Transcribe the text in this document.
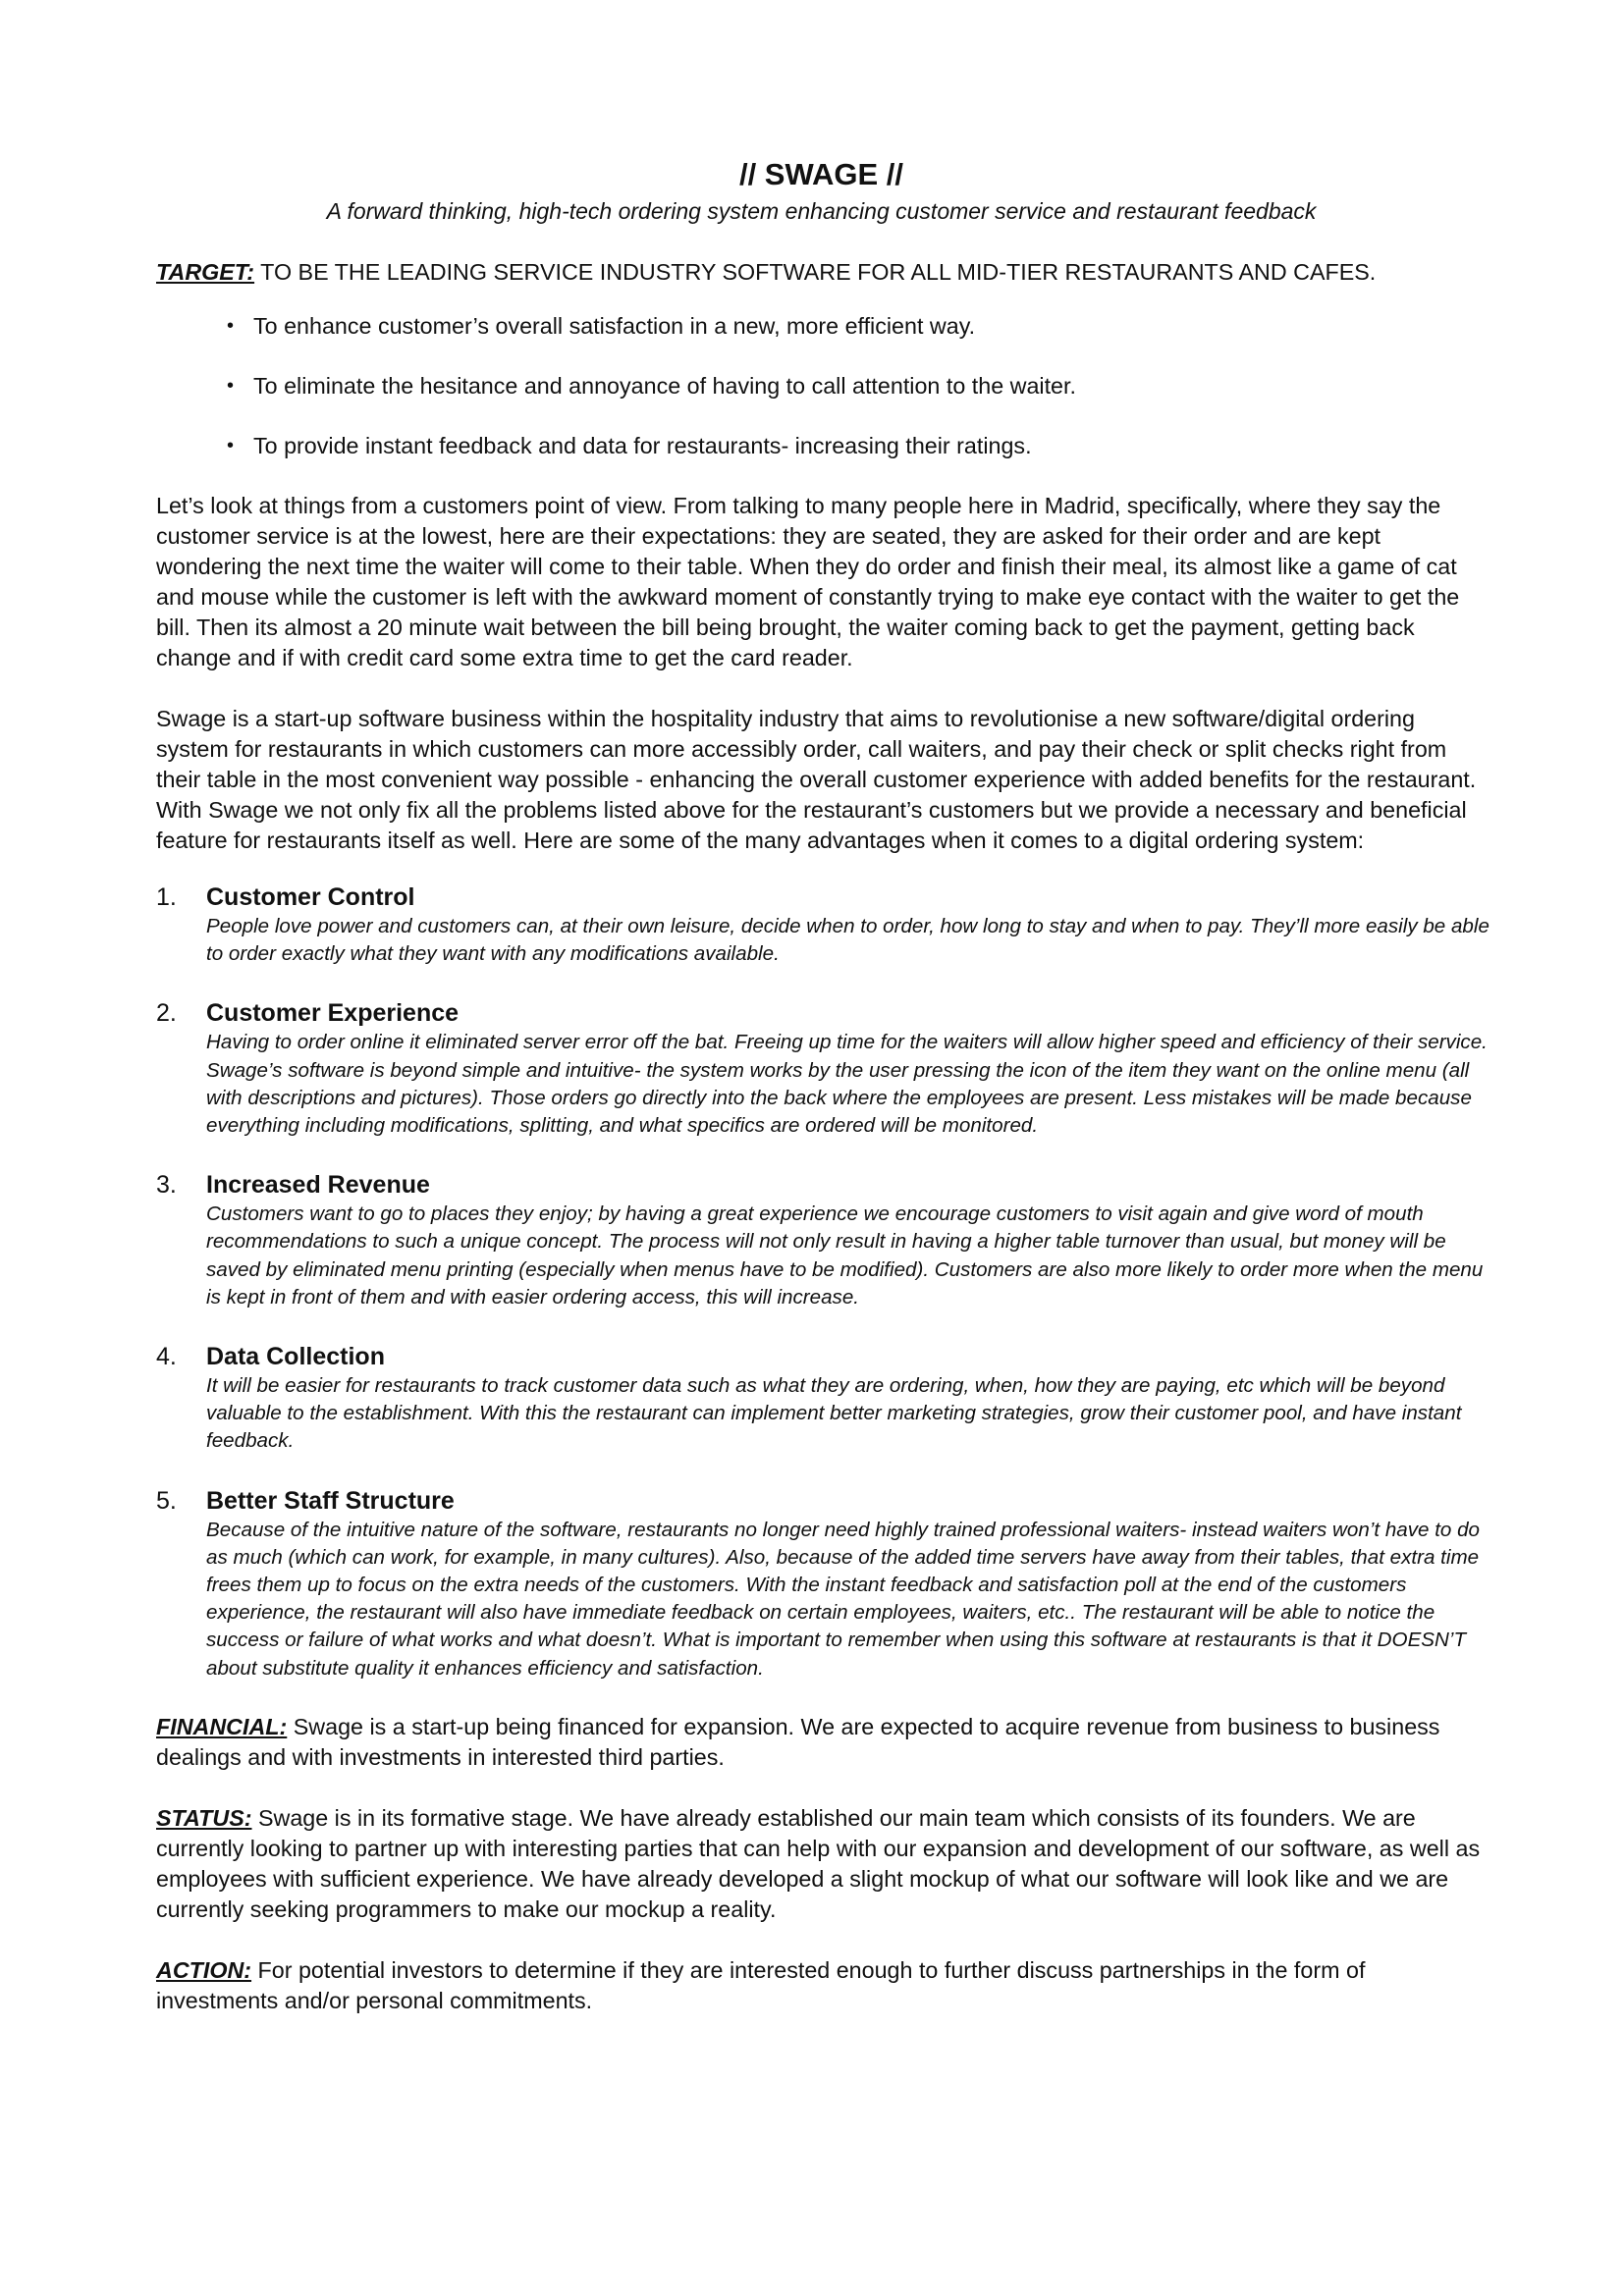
// SWAGE //

A forward thinking, high-tech ordering system enhancing customer service and restaurant feedback

TARGET: TO BE THE LEADING SERVICE INDUSTRY SOFTWARE FOR ALL MID-TIER RESTAURANTS AND CAFES.

• To enhance customer’s overall satisfaction in a new, more efficient way.
• To eliminate the hesitance and annoyance of having to call attention to the waiter.
• To provide instant feedback and data for restaurants- increasing their ratings.

Let’s look at things from a customers point of view. From talking to many people here in Madrid, specifically, where they say the customer service is at the lowest, here are their expectations: they are seated, they are asked for their order and are kept wondering the next time the waiter will come to their table. When they do order and finish their meal, its almost like a game of cat and mouse while the customer is left with the awkward moment of constantly trying to make eye contact with the waiter to get the bill. Then its almost a 20 minute wait between the bill being brought, the waiter coming back to get the payment, getting back change and if with credit card some extra time to get the card reader.

Swage is a start-up software business within the hospitality industry that aims to revolutionise a new software/digital ordering system for restaurants in which customers can more accessibly order, call waiters, and pay their check or split checks right from their table in the most convenient way possible - enhancing the overall customer experience with added benefits for the restaurant. With Swage we not only fix all the problems listed above for the restaurant’s customers but we provide a necessary and beneficial feature for restaurants itself as well. Here are some of the many advantages when it comes to a digital ordering system:

1. Customer Control
People love power and customers can, at their own leisure, decide when to order, how long to stay and when to pay. They’ll more easily be able to order exactly what they want with any modifications available.
2. Customer Experience
Having to order online it eliminated server error off the bat. Freeing up time for the waiters will allow higher speed and efficiency of their service. Swage’s software is beyond simple and intuitive- the system works by the user pressing the icon of the item they want on the online menu (all with descriptions and pictures). Those orders go directly into the back where the employees are present. Less mistakes will be made because everything including modifications, splitting, and what specifics are ordered will be monitored.
3. Increased Revenue
Customers want to go to places they enjoy; by having a great experience we encourage customers to visit again and give word of mouth recommendations to such a unique concept. The process will not only result in having a higher table turnover than usual, but money will be saved by eliminated menu printing (especially when menus have to be modified). Customers are also more likely to order more when the menu is kept in front of them and with easier ordering access, this will increase.
4. Data Collection
It will be easier for restaurants to track customer data such as what they are ordering, when, how they are paying, etc which will be beyond valuable to the establishment. With this the restaurant can implement better marketing strategies, grow their customer pool, and have instant feedback.
5. Better Staff Structure
Because of the intuitive nature of the software, restaurants no longer need highly trained professional waiters- instead waiters won’t have to do as much (which can work, for example, in many cultures). Also, because of the added time servers have away from their tables, that extra time frees them up to focus on the extra needs of the customers. With the instant feedback and satisfaction poll at the end of the customers experience, the restaurant will also have immediate feedback on certain employees, waiters, etc.. The restaurant will be able to notice the success or failure of what works and what doesn’t. What is important to remember when using this software at restaurants is that it DOESN’T about substitute quality it enhances efficiency and satisfaction.

FINANCIAL: Swage is a start-up being financed for expansion. We are expected to acquire revenue from business to business dealings and with investments in interested third parties.

STATUS: Swage is in its formative stage. We have already established our main team which consists of its founders. We are currently looking to partner up with interesting parties that can help with our expansion and development of our software, as well as employees with sufficient experience. We have already developed a slight mockup of what our software will look like and we are currently seeking programmers to make our mockup a reality.

ACTION: For potential investors to determine if they are interested enough to further discuss partnerships in the form of investments and/or personal commitments.
